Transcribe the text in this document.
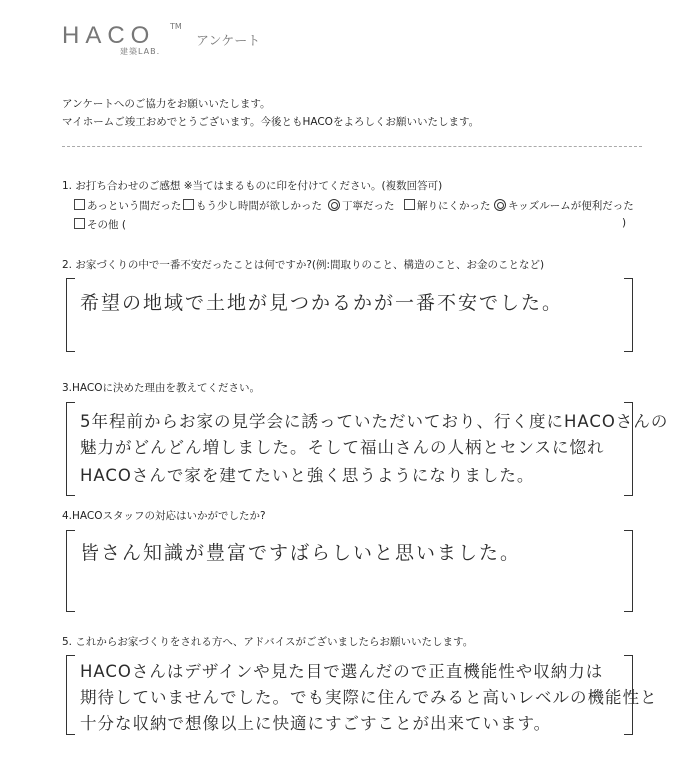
HACO TM
アンケート
建築LAB.
アンケートへのご協力をお願いいたします。
マイホームご竣工おめでとうございます。今後ともHACOをよろしくお願いいたします。
1. お打ち合わせのご感想 ※当てはまるものに印を付けてください。(複数回答可)
あっという間だった	もう少し時間が欲しかった	丁寧だった	解りにくかった	キッズルームが便利だった
その他 (	)
2. お家づくりの中で一番不安だったことは何ですか?(例:間取りのこと、構造のこと、お金のことなど)
希望の地域で土地が見つかるかが一番不安でした。
3.HACOに決めた理由を教えてください。
5年程前からお家の見学会に誘っていただいており、行く度にHACOさんの
魅力がどんどん増しました。そして福山さんの人柄とセンスに惚れ
HACOさんで家を建てたいと強く思うようになりました。
4.HACOスタッフの対応はいかがでしたか?
皆さん知識が豊富ですばらしいと思いました。
5. これからお家づくりをされる方へ、アドバイスがございましたらお願いいたします。
HACOさんはデザインや見た目で選んだので正直機能性や収納力は
期待していませんでした。でも実際に住んでみると高いレベルの機能性と
十分な収納で想像以上に快適にすごすことが出来ています。
